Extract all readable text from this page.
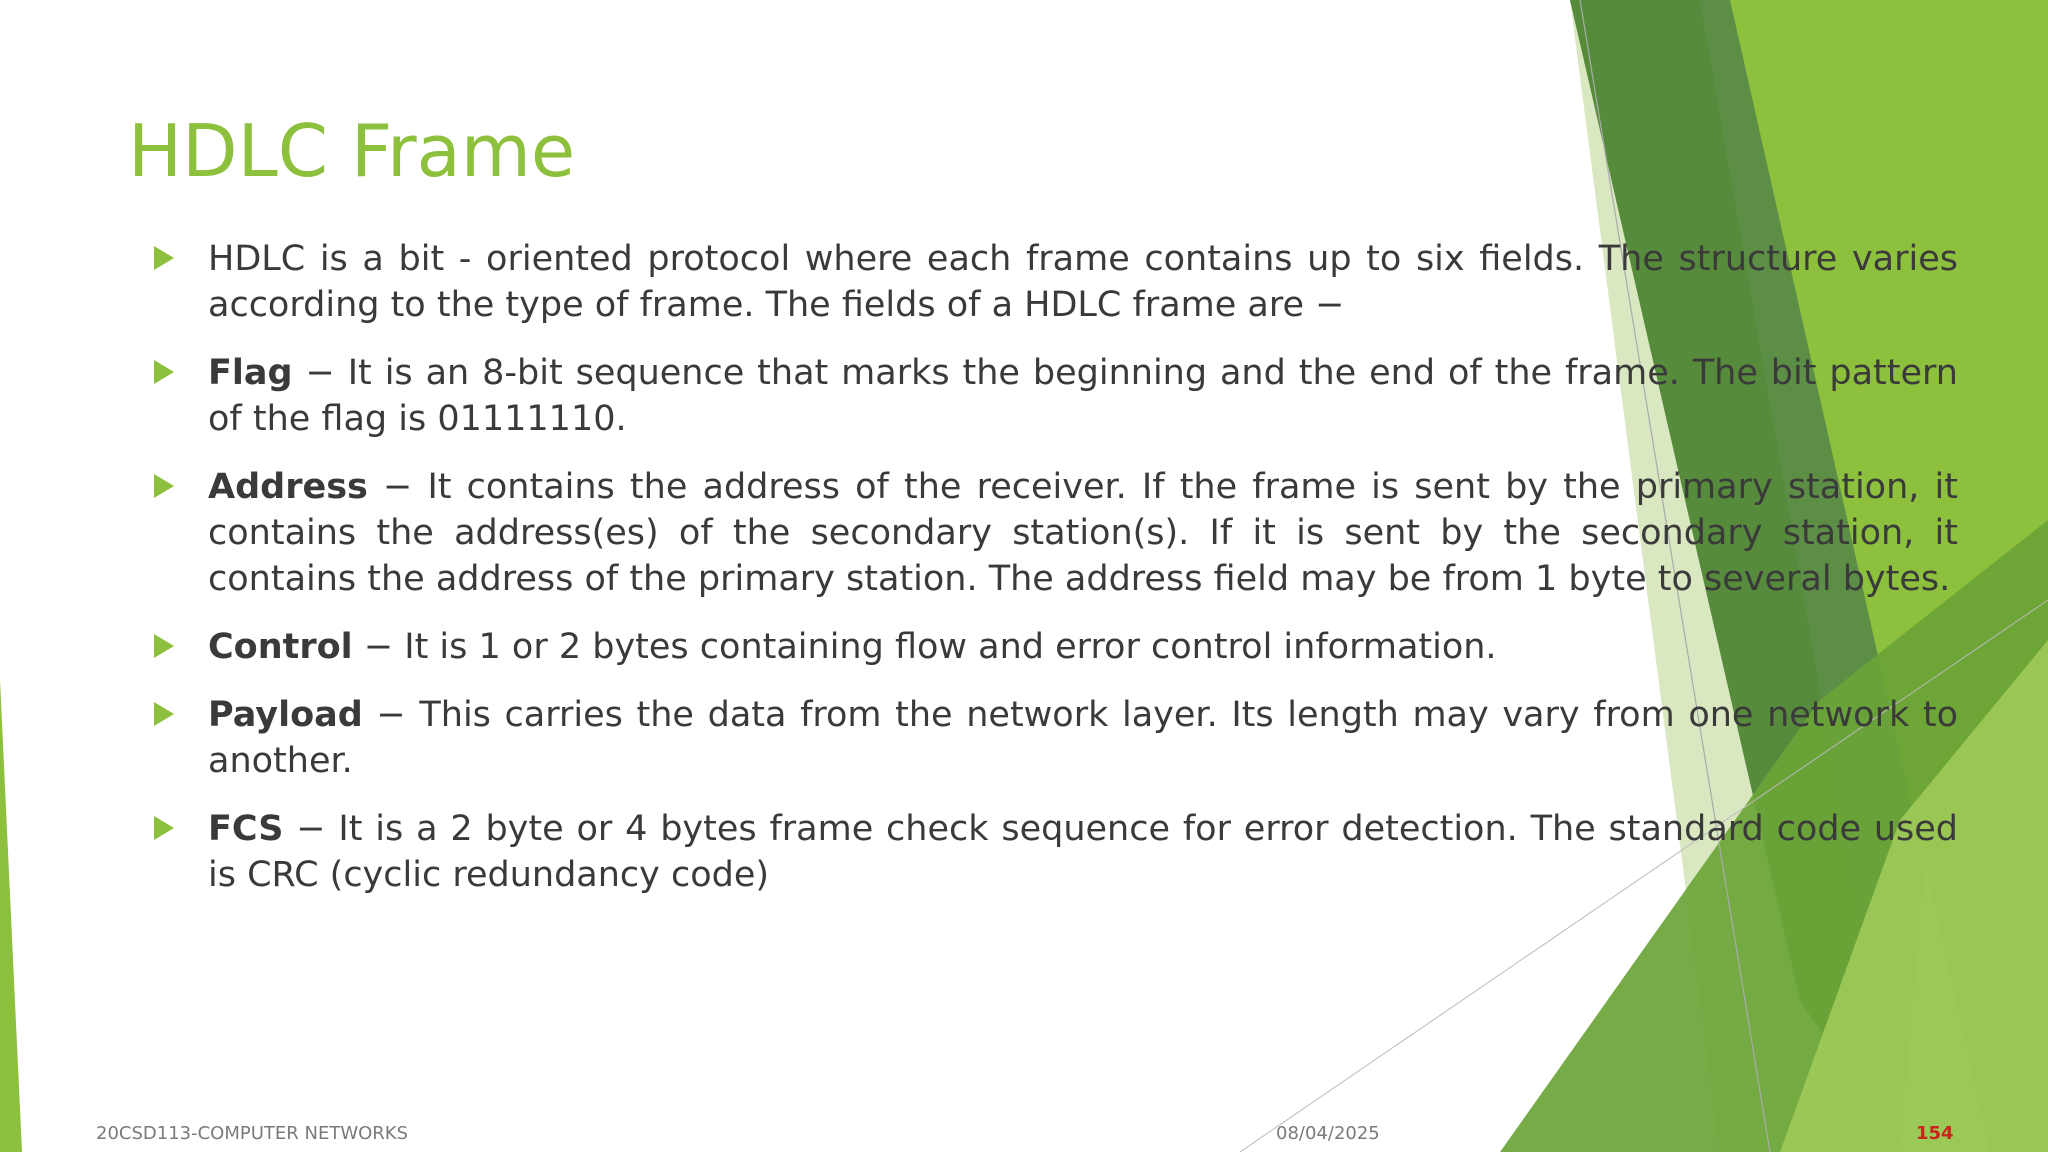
HDLC Frame
HDLC is a bit - oriented protocol where each frame contains up to six fields. The structure varies according to the type of frame. The fields of a HDLC frame are −
Flag − It is an 8-bit sequence that marks the beginning and the end of the frame. The bit pattern of the flag is 01111110.
Address − It contains the address of the receiver. If the frame is sent by the primary station, it contains the address(es) of the secondary station(s). If it is sent by the secondary station, it contains the address of the primary station. The address field may be from 1 byte to several bytes.
Control − It is 1 or 2 bytes containing flow and error control information.
Payload − This carries the data from the network layer. Its length may vary from one network to another.
FCS − It is a 2 byte or 4 bytes frame check sequence for error detection. The standard code used is CRC (cyclic redundancy code)
20CSD113-COMPUTER NETWORKS	08/04/2025	154
